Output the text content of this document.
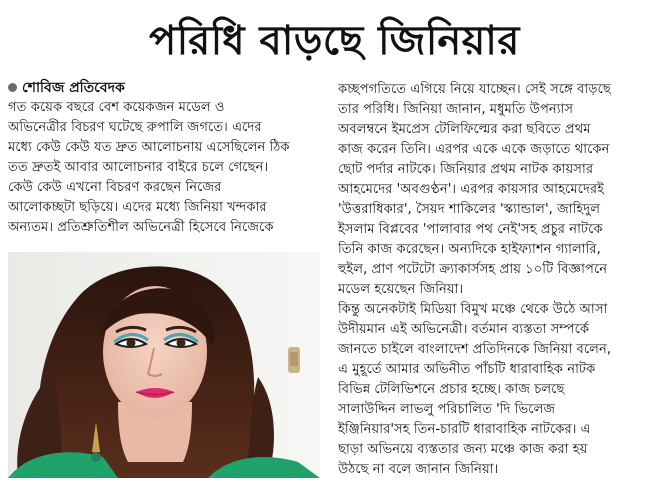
পরিধি বাড়ছে জিনিয়ার
শোবিজ প্রতিবেদক
গত কয়েক বছরে বেশ কয়েকজন মডেল ও
অভিনেত্রীর বিচরণ ঘটেছে রুপালি জগতে। এদের
মধ্যে কেউ কেউ যত দ্রুত আলোচনায় এসেছিলেন ঠিক
তত দ্রুতই আবার আলোচনার বাইরে চলে গেছেন।
কেউ কেউ এখনো বিচরণ করছেন নিজের
আলোকচ্ছটা ছড়িয়ে। এদের মধ্যে জিনিয়া খন্দকার
অন্যতম। প্রতিশ্রুতিশীল অভিনেত্রী হিসেবে নিজেকে
কচ্ছপগতিতে এগিয়ে নিয়ে যাচ্ছেন। সেই সঙ্গে বাড়ছে
তার পরিধি। জিনিয়া জানান, মধুমতি উপন্যাস
অবলম্বনে ইমপ্রেস টেলিফিল্মের করা ছবিতে প্রথম
কাজ করেন তিনি। এরপর একে একে জড়াতে থাকেন
ছোট পর্দার নাটকে। জিনিয়ার প্রথম নাটক কায়সার
আহমেদের 'অবগুণ্ঠন'। এরপর কায়সার আহমেদেরই
'উত্তরাধিকার', সৈয়দ শাকিলের 'স্ক্যান্ডাল', জাহিদুল
ইসলাম বিপ্লবের 'পালাবার পথ নেই'সহ প্রচুর নাটকে
তিনি কাজ করেছেন। অন্যদিকে হাইফ্যাশন গ্যালারি,
হুইল, প্রাণ পটেটো ক্র্যাকার্সসহ প্রায় ১০টি বিজ্ঞাপনে
মডেল হয়েছেন জিনিয়া।
কিন্তু অনেকটাই মিডিয়া বিমুখ মঞ্চে থেকে উঠে আসা
উদীয়মান এই অভিনেত্রী। বর্তমান ব্যস্ততা সম্পর্কে
জানতে চাইলে বাংলাদেশ প্রতিদিনকে জিনিয়া বলেন,
এ মুহূর্তে আমার অভিনীত পাঁচটি ধারাবাহিক নাটক
বিভিন্ন টেলিভিশনে প্রচার হচ্ছে। কাজ চলছে
সালাউদ্দিন লাভলু পরিচালিত 'দি ভিলেজ
ইঞ্জিনিয়ার'সহ তিন-চারটি ধারাবাহিক নাটকের। এ
ছাড়া অভিনয়ে ব্যস্ততার জন্য মঞ্চে কাজ করা হয়
উঠছে না বলে জানান জিনিয়া।
